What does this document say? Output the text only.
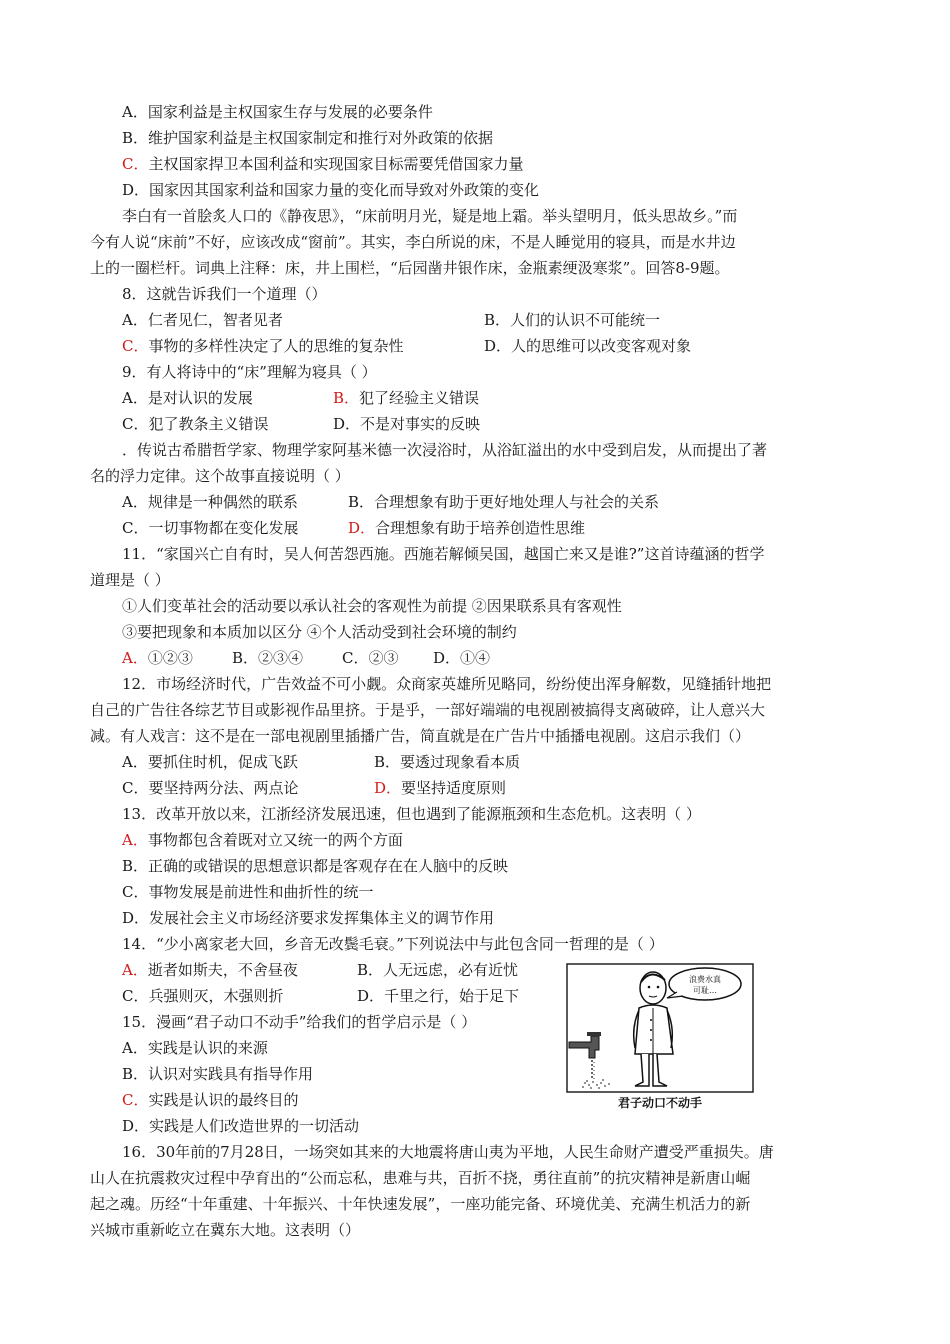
A．国家利益是主权国家生存与发展的必要条件
B．维护国家利益是主权国家制定和推行对外政策的依据
C．主权国家捍卫本国利益和实现国家目标需要凭借国家力量
D．国家因其国家利益和国家力量的变化而导致对外政策的变化
李白有一首脍炙人口的《静夜思》，“床前明月光，疑是地上霜。举头望明月，低头思故乡。”而
今有人说“床前”不好，应该改成“窗前”。其实，李白所说的床，不是人睡觉用的寝具，而是水井边
上的一圈栏杆。词典上注释：床，井上围栏，“后园凿井银作床，金瓶素绠汲寒浆”。回答8-9题。
8．这就告诉我们一个道理（）
A．仁者见仁，智者见者	B．人们的认识不可能统一
C．事物的多样性决定了人的思维的复杂性	D．人的思维可以改变客观对象
9．有人将诗中的“床”理解为寝具（ ）
A．是对认识的发展	B．犯了经验主义错误
C．犯了教条主义错误	D．不是对事实的反映
．传说古希腊哲学家、物理学家阿基米德一次浸浴时，从浴缸溢出的水中受到启发，从而提出了著
名的浮力定律。这个故事直接说明（ ）
A．规律是一种偶然的联系	B．合理想象有助于更好地处理人与社会的关系
C．一切事物都在变化发展	D．合理想象有助于培养创造性思维
11．“家国兴亡自有时，吴人何苦怨西施。西施若解倾吴国，越国亡来又是谁?”这首诗蕴涵的哲学
道理是（ ）
①人们变革社会的活动要以承认社会的客观性为前提 ②因果联系具有客观性
③要把现象和本质加以区分 ④个人活动受到社会环境的制约
A．①②③	B．②③④	C．②③ D．①④
12．市场经济时代，广告效益不可小觑。众商家英雄所见略同，纷纷使出浑身解数，见缝插针地把
自己的广告往各综艺节目或影视作品里挤。于是乎，一部好端端的电视剧被搞得支离破碎，让人意兴大
减。有人戏言：这不是在一部电视剧里插播广告，简直就是在广告片中插播电视剧。这启示我们（）
A．要抓住时机，促成飞跃	B．要透过现象看本质
C．要坚持两分法、两点论	D．要坚持适度原则
13．改革开放以来，江浙经济发展迅速，但也遇到了能源瓶颈和生态危机。这表明（ ）
A．事物都包含着既对立又统一的两个方面
B．正确的或错误的思想意识都是客观存在在人脑中的反映
C．事物发展是前进性和曲折性的统一
D．发展社会主义市场经济要求发挥集体主义的调节作用
14．“少小离家老大回，乡音无改鬓毛衰。”下列说法中与此包含同一哲理的是（ ）
A．逝者如斯夫，不舍昼夜	B．人无远虑，必有近忧
C．兵强则灭，木强则折	D．千里之行，始于足下
15．漫画“君子动口不动手”给我们的哲学启示是（ ）
A．实践是认识的来源
B．认识对实践具有指导作用
C．实践是认识的最终目的
D．实践是人们改造世界的一切活动
浪费水真
可耻…
君子动口不动手
16．30年前的7月28日，一场突如其来的大地震将唐山夷为平地，人民生命财产遭受严重损失。唐
山人在抗震救灾过程中孕育出的“公而忘私，患难与共，百折不挠，勇往直前”的抗灾精神是新唐山崛
起之魂。历经“十年重建、十年振兴、十年快速发展”，一座功能完备、环境优美、充满生机活力的新
兴城市重新屹立在冀东大地。这表明（）
